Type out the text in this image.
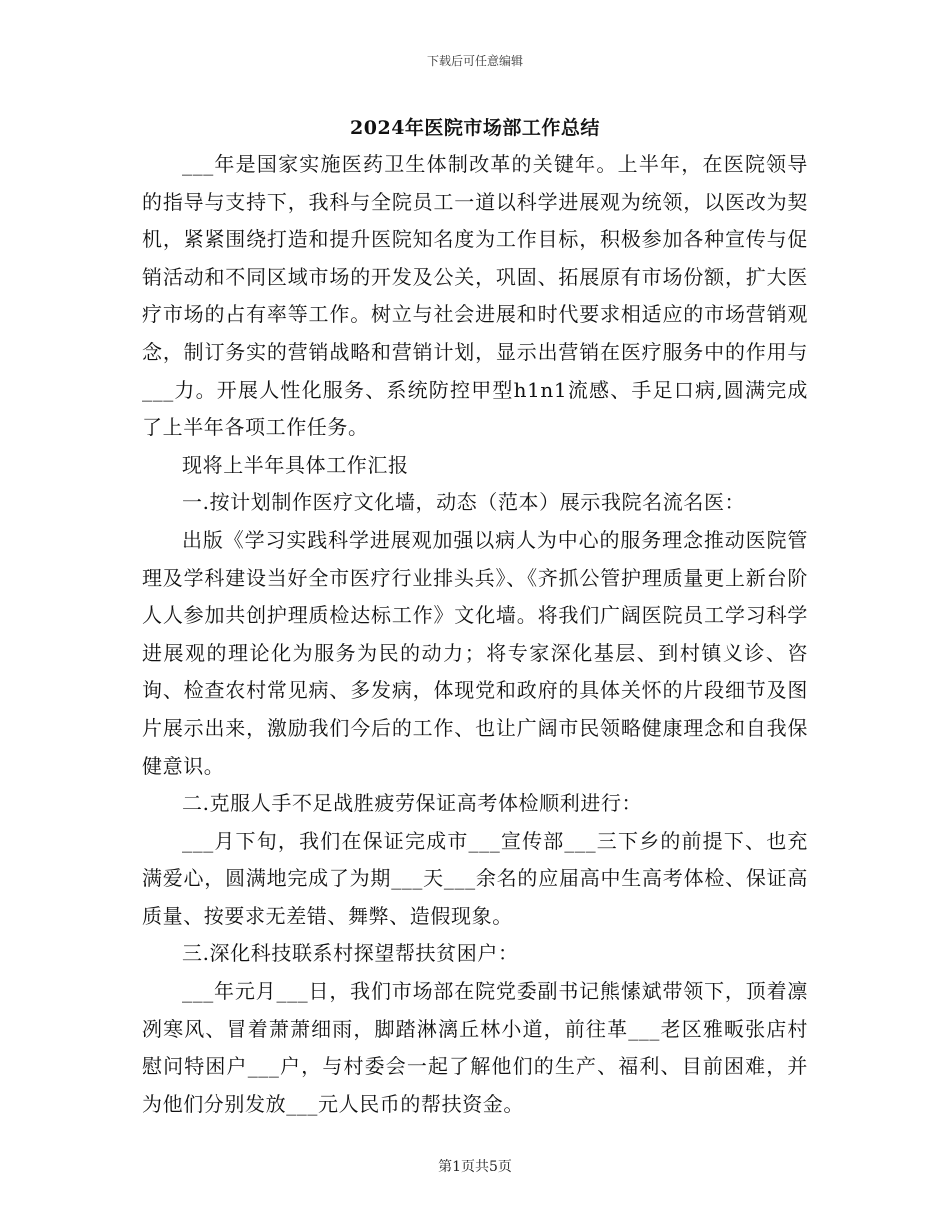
下载后可任意编辑
2024年医院市场部工作总结

___年是国家实施医药卫生体制改革的关键年。上半年，在医院领导的指导与支持下，我科与全院员工一道以科学进展观为统领，以医改为契机，紧紧围绕打造和提升医院知名度为工作目标，积极参加各种宣传与促销活动和不同区域市场的开发及公关，巩固、拓展原有市场份额，扩大医疗市场的占有率等工作。树立与社会进展和时代要求相适应的市场营销观念，制订务实的营销战略和营销计划，显示出营销在医疗服务中的作用与___力。开展人性化服务、系统防控甲型h1n1流感、手足口病,圆满完成了上半年各项工作任务。

现将上半年具体工作汇报

一.按计划制作医疗文化墙，动态（范本）展示我院名流名医：

出版《学习实践科学进展观加强以病人为中心的服务理念推动医院管理及学科建设当好全市医疗行业排头兵》、《齐抓公管护理质量更上新台阶人人参加共创护理质检达标工作》文化墙。将我们广阔医院员工学习科学进展观的理论化为服务为民的动力；将专家深化基层、到村镇义诊、咨询、检查农村常见病、多发病，体现党和政府的具体关怀的片段细节及图片展示出来，激励我们今后的工作、也让广阔市民领略健康理念和自我保健意识。

二.克服人手不足战胜疲劳保证高考体检顺利进行：

___月下旬，我们在保证完成市___宣传部___三下乡的前提下、也充满爱心，圆满地完成了为期___天___余名的应届高中生高考体检、保证高质量、按要求无差错、舞弊、造假现象。

三.深化科技联系村探望帮扶贫困户：

___年元月___日，我们市场部在院党委副书记熊愫斌带领下，顶着凛冽寒风、冒着萧萧细雨，脚踏淋漓丘林小道，前往革___老区雅畈张店村慰问特困户___户，与村委会一起了解他们的生产、福利、目前困难，并为他们分别发放___元人民币的帮扶资金。

第1页共5页
